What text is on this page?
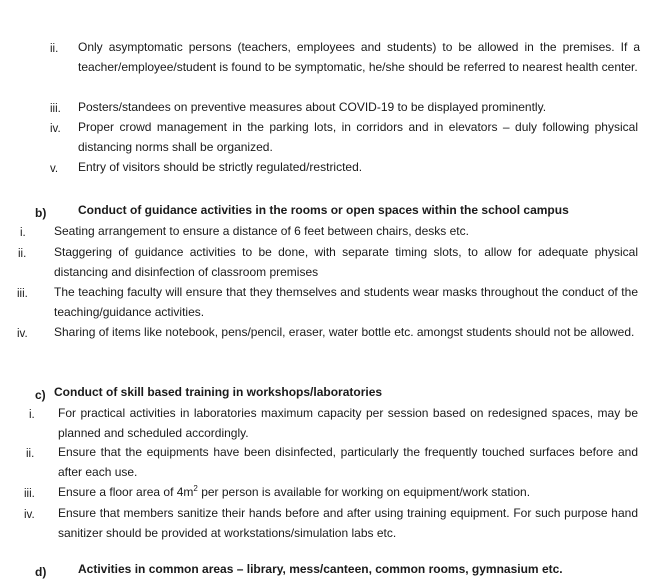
ii. Only asymptomatic persons (teachers, employees and students) to be allowed in the premises. If a teacher/employee/student is found to be symptomatic, he/she should be referred to nearest health center.
iii. Posters/standees on preventive measures about COVID-19 to be displayed prominently.
iv. Proper crowd management in the parking lots, in corridors and in elevators – duly following physical distancing norms shall be organized.
v. Entry of visitors should be strictly regulated/restricted.
b)	Conduct of guidance activities in the rooms or open spaces within the school campus
i. Seating arrangement to ensure a distance of 6 feet between chairs, desks etc.
ii. Staggering of guidance activities to be done, with separate timing slots, to allow for adequate physical distancing and disinfection of classroom premises
iii. The teaching faculty will ensure that they themselves and students wear masks throughout the conduct of the teaching/guidance activities.
iv. Sharing of items like notebook, pens/pencil, eraser, water bottle etc. amongst students should not be allowed.
c) Conduct of skill based training in workshops/laboratories
i. For practical activities in laboratories maximum capacity per session based on redesigned spaces, may be planned and scheduled accordingly.
ii. Ensure that the equipments have been disinfected, particularly the frequently touched surfaces before and after each use.
iii. Ensure a floor area of $4m^2$ per person is available for working on equipment/work station.
iv. Ensure that members sanitize their hands before and after using training equipment. For such purpose hand sanitizer should be provided at workstations/simulation labs etc.
d)	Activities in common areas – library, mess/canteen, common rooms, gymnasium etc.
